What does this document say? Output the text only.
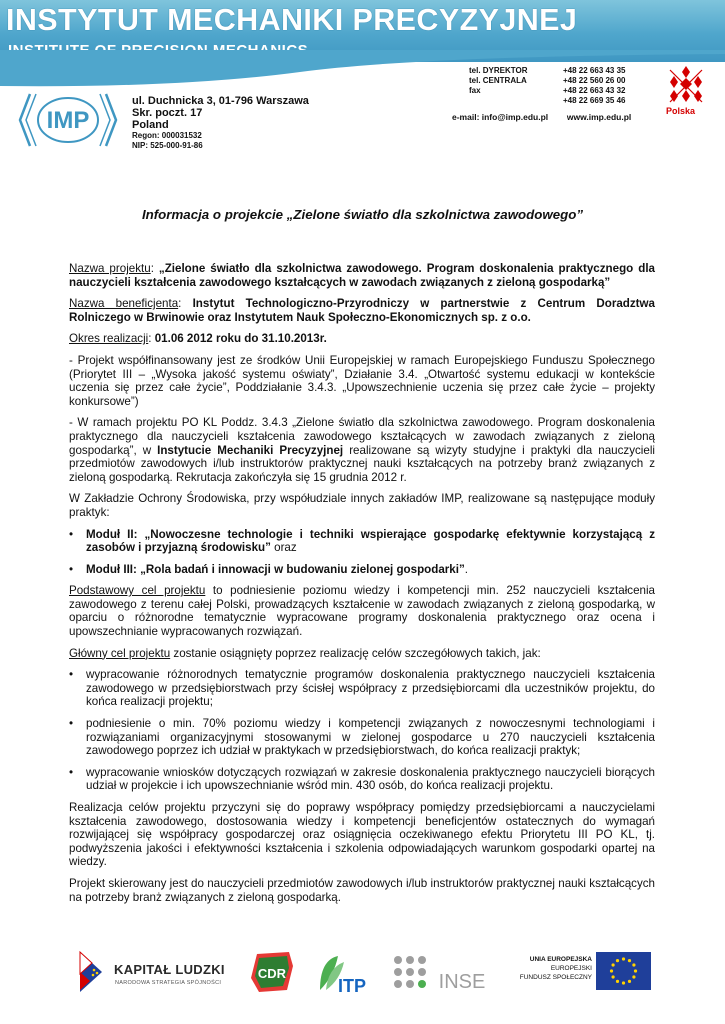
INSTYTUT MECHANIKI PRECYZYJNEJ
IMP
ul. Duchnicka 3, 01-796 Warszawa
Skr. poczt. 17
Poland
Regon: 000031532
NIP: 525-000-91-86
tel. DYREKTOR	+48 22 663 43 35
tel. CENTRALA	+48 22 560 26 00
fax	+48 22 663 43 32
+48 22 669 35 46
e-mail: info@imp.edu.pl www.imp.edu.pl
Polska
Informacja o projekcie „Zielone światło dla szkolnictwa zawodowego”

Nazwa projektu: „Zielone światło dla szkolnictwa zawodowego. Program doskonalenia praktycznego dla nauczycieli kształcenia zawodowego kształcących w zawodach związanych z zieloną gospodarką”

Nazwa beneficjenta: Instytut Technologiczno-Przyrodniczy w partnerstwie z Centrum Doradztwa Rolniczego w Brwinowie oraz Instytutem Nauk Społeczno-Ekonomicznych sp. z o.o.

Okres realizacji: 01.06 2012 roku do 31.10.2013r.

- Projekt współfinansowany jest ze środków Unii Europejskiej w ramach Europejskiego Funduszu Społecznego (Priorytet III – „Wysoka jakość systemu oświaty”, Działanie 3.4. „Otwartość systemu edukacji w kontekście uczenia się przez całe życie”, Poddziałanie 3.4.3. „Upowszechnienie uczenia się przez całe życie – projekty konkursowe”)

- W ramach projektu PO KL Poddz. 3.4.3 „Zielone światło dla szkolnictwa zawodowego. Program doskonalenia praktycznego dla nauczycieli kształcenia zawodowego kształcących w zawodach związanych z zieloną gospodarką”, w Instytucie Mechaniki Precyzyjnej realizowane są wizyty studyjne i praktyki dla nauczycieli przedmiotów zawodowych i/lub instruktorów praktycznej nauki kształcących na potrzeby branż związanych z zieloną gospodarką. Rekrutacja zakończyła się 15 grudnia 2012 r.

W Zakładzie Ochrony Środowiska, przy współudziale innych zakładów IMP, realizowane są następujące moduły praktyk:

• Moduł II: „Nowoczesne technologie i techniki wspierające gospodarkę efektywnie korzystającą z zasobów i przyjazną środowisku” oraz
• Moduł III: „Rola badań i innowacji w budowaniu zielonej gospodarki”.

Podstawowy cel projektu to podniesienie poziomu wiedzy i kompetencji min. 252 nauczycieli kształcenia zawodowego z terenu całej Polski, prowadzących kształcenie w zawodach związanych z zieloną gospodarką, w oparciu o różnorodne tematycznie wypracowane programy doskonalenia praktycznego oraz ocena i upowszechnianie wypracowanych rozwiązań.

Główny cel projektu zostanie osiągnięty poprzez realizację celów szczegółowych takich, jak:

• wypracowanie różnorodnych tematycznie programów doskonalenia praktycznego nauczycieli kształcenia zawodowego w przedsiębiorstwach przy ścisłej współpracy z przedsiębiorcami dla uczestników projektu, do końca realizacji projektu;
• podniesienie o min. 70% poziomu wiedzy i kompetencji związanych z nowoczesnymi technologiami i rozwiązaniami organizacyjnymi stosowanymi w zielonej gospodarce u 270 nauczycieli kształcenia zawodowego poprzez ich udział w praktykach w przedsiębiorstwach, do końca realizacji praktyk;
• wypracowanie wniosków dotyczących rozwiązań w zakresie doskonalenia praktycznego nauczycieli biorących udział w projekcie i ich upowszechnianie wśród min. 430 osób, do końca realizacji projektu.

Realizacja celów projektu przyczyni się do poprawy współpracy pomiędzy przedsiębiorcami a nauczycielami kształcenia zawodowego, dostosowania wiedzy i kompetencji beneficjentów ostatecznych do wymagań rozwijającej się współpracy gospodarczej oraz osiągnięcia oczekiwanego efektu Priorytetu III PO KL, tj. podwyższenia jakości i efektywności kształcenia i szkolenia odpowiadających warunkom gospodarki opartej na wiedzy.

Projekt skierowany jest do nauczycieli przedmiotów zawodowych i/lub instruktorów praktycznej nauki kształcących na potrzeby branż związanych z zieloną gospodarką.

KAPITAŁ LUDZKI
NARODOWA STRATEGIA SPÓJNOŚCI
CDR
ITP	INSE
UNIA EUROPEJSKA
EUROPEJSKI
FUNDUSZ SPOŁECZNY
